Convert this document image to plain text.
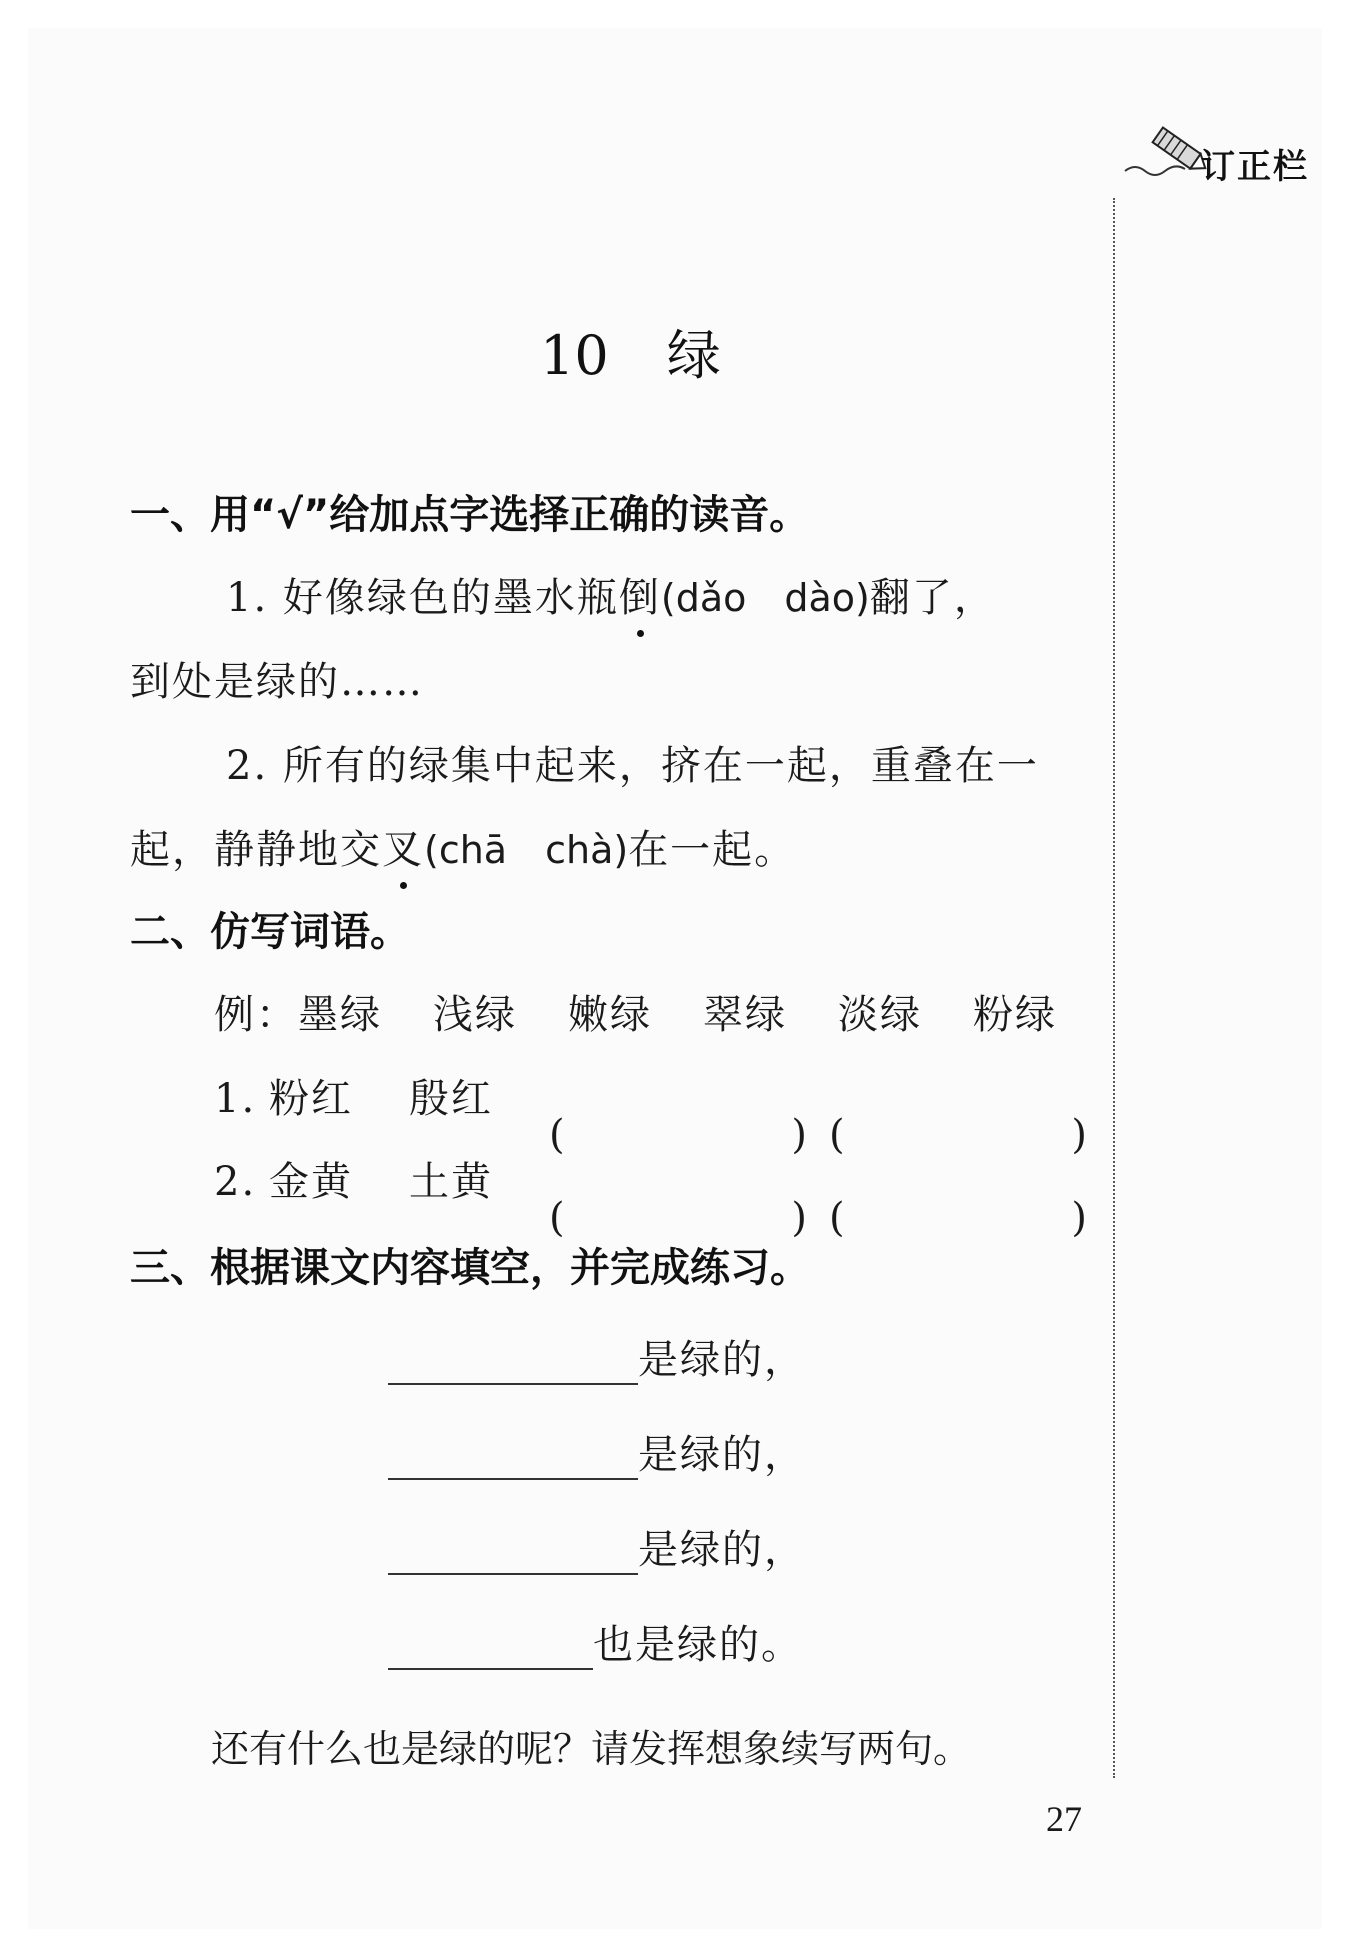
订正栏
10 绿
一、用“√”给加点字选择正确的读音。
1. 好像绿色的墨水瓶倒(dǎo　dào)翻了，
到处是绿的……
2. 所有的绿集中起来，挤在一起，重叠在一
起，静静地交叉(chā　chà)在一起。
二、仿写词语。
例：墨绿 浅绿 嫩绿 翠绿 淡绿 粉绿
1. 粉红 殷红
(	) (	)
2. 金黄 土黄
(	) (	)
三、根据课文内容填空，并完成练习。
是绿的，
是绿的，
是绿的，
也是绿的。
还有什么也是绿的呢？请发挥想象续写两句。
27
